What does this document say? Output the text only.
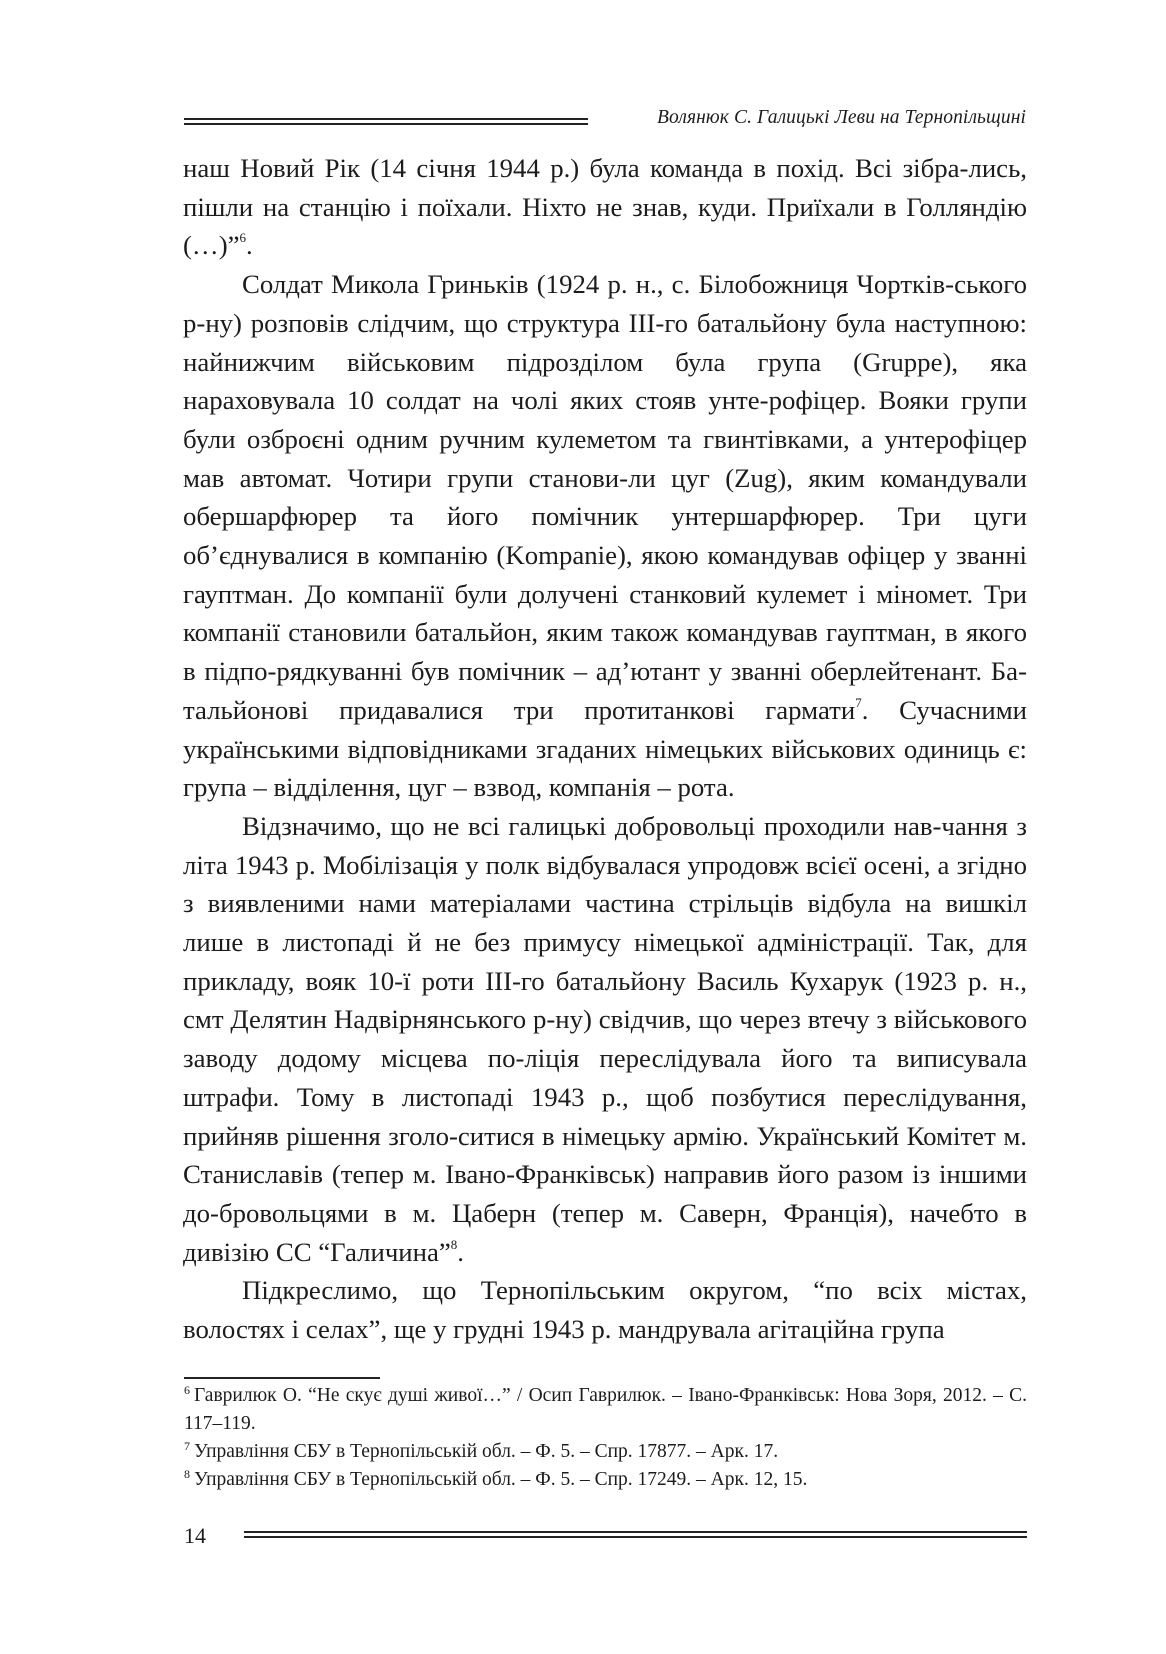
Волянюк С. Галицькі Леви на Тернопільщині

наш Новий Рік (14 січня 1944 р.) була команда в похід. Всі зібра-лись, пішли на станцію і поїхали. Ніхто не знав, куди. Приїхали в Голляндію (…)”$^6$.

Солдат Микола Гриньків (1924 р. н., с. Білобожниця Чортків-ського р-ну) розповів слідчим, що структура ІІІ-го батальйону була наступною: найнижчим військовим підрозділом була група (Gruppe), яка нараховувала 10 солдат на чолі яких стояв унте-рофіцер. Вояки групи були озброєні одним ручним кулеметом та гвинтівками, а унтерофіцер мав автомат. Чотири групи станови-ли цуг (Zug), яким командували обершарфюрер та його помічник унтершарфюрер. Три цуги об’єднувалися в компанію (Kompanie), якою командував офіцер у званні гауптман. До компанії були долучені станковий кулемет і міномет. Три компанії становили батальйон, яким також командував гауптман, в якого в підпо-рядкуванні був помічник – ад’ютант у званні оберлейтенант. Ба-тальйонові придавалися три протитанкові гармати$^7$. Сучасними українськими відповідниками згаданих німецьких військових одиниць є: група – відділення, цуг – взвод, компанія – рота.

Відзначимо, що не всі галицькі добровольці проходили нав-чання з літа 1943 р. Мобілізація у полк відбувалася упродовж всієї осені, а згідно з виявленими нами матеріалами частина стрільців відбула на вишкіл лише в листопаді й не без примусу німецької адміністрації. Так, для прикладу, вояк 10-ї роти ІІІ-го батальйону Василь Кухарук (1923 р. н., смт Делятин Надвірнянського р-ну) свідчив, що через втечу з військового заводу додому місцева по-ліція переслідувала його та виписувала штрафи. Тому в листопаді 1943 р., щоб позбутися переслідування, прийняв рішення зголо-ситися в німецьку армію. Український Комітет м. Станиславів (тепер м. Івано-Франківськ) направив його разом із іншими до-бровольцями в м. Цаберн (тепер м. Саверн, Франція), начебто в дивізію СС “Галичина”$^8$.

Підкреслимо, що Тернопільським округом, “по всіх містах, волостях і селах”, ще у грудні 1943 р. мандрувала агітаційна група

$^6$ Гаврилюк О. “Не скує душі живої…” / Осип Гаврилюк. – Івано-Франківськ: Нова Зоря, 2012. – С. 117–119.

$^7$ Управління СБУ в Тернопільській обл. – Ф. 5. – Спр. 17877. – Арк. 17.

$^8$ Управління СБУ в Тернопільській обл. – Ф. 5. – Спр. 17249. – Арк. 12, 15.

14
